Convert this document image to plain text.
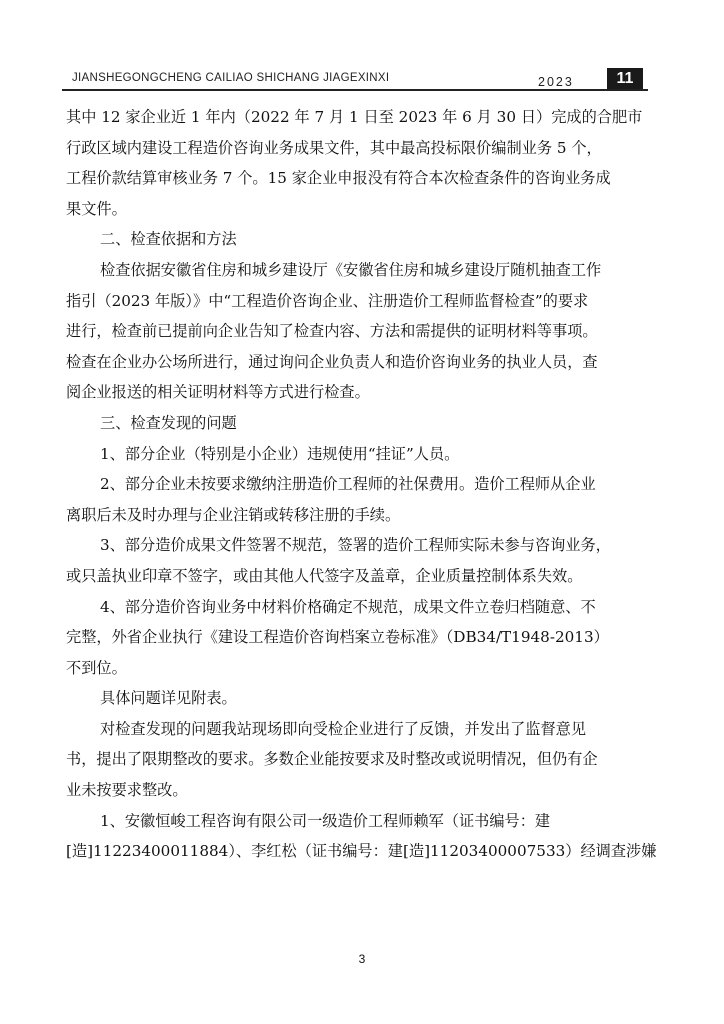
JIANSHEGONGCHENG CAILIAO SHICHANG JIAGEXINXI	2023	11
其中 12 家企业近 1 年内（2022 年 7 月 1 日至 2023 年 6 月 30 日）完成的合肥市
行政区域内建设工程造价咨询业务成果文件，其中最高投标限价编制业务 5 个，
工程价款结算审核业务 7 个。15 家企业申报没有符合本次检查条件的咨询业务成
果文件。
二、检查依据和方法
检查依据安徽省住房和城乡建设厅《安徽省住房和城乡建设厅随机抽查工作
指引（2023 年版）》中“工程造价咨询企业、注册造价工程师监督检查”的要求
进行，检查前已提前向企业告知了检查内容、方法和需提供的证明材料等事项。
检查在企业办公场所进行，通过询问企业负责人和造价咨询业务的执业人员，查
阅企业报送的相关证明材料等方式进行检查。
三、检查发现的问题
1、部分企业（特别是小企业）违规使用“挂证”人员。
2、部分企业未按要求缴纳注册造价工程师的社保费用。造价工程师从企业
离职后未及时办理与企业注销或转移注册的手续。
3、部分造价成果文件签署不规范，签署的造价工程师实际未参与咨询业务，
或只盖执业印章不签字，或由其他人代签字及盖章，企业质量控制体系失效。
4、部分造价咨询业务中材料价格确定不规范，成果文件立卷归档随意、不
完整，外省企业执行《建设工程造价咨询档案立卷标准》（DB34/T1948-2013）
不到位。
具体问题详见附表。
对检查发现的问题我站现场即向受检企业进行了反馈，并发出了监督意见
书，提出了限期整改的要求。多数企业能按要求及时整改或说明情况，但仍有企
业未按要求整改。
1、安徽恒峻工程咨询有限公司一级造价工程师赖军（证书编号：建
[造]11223400011884）、李红松（证书编号：建[造]11203400007533）经调查涉嫌
3
